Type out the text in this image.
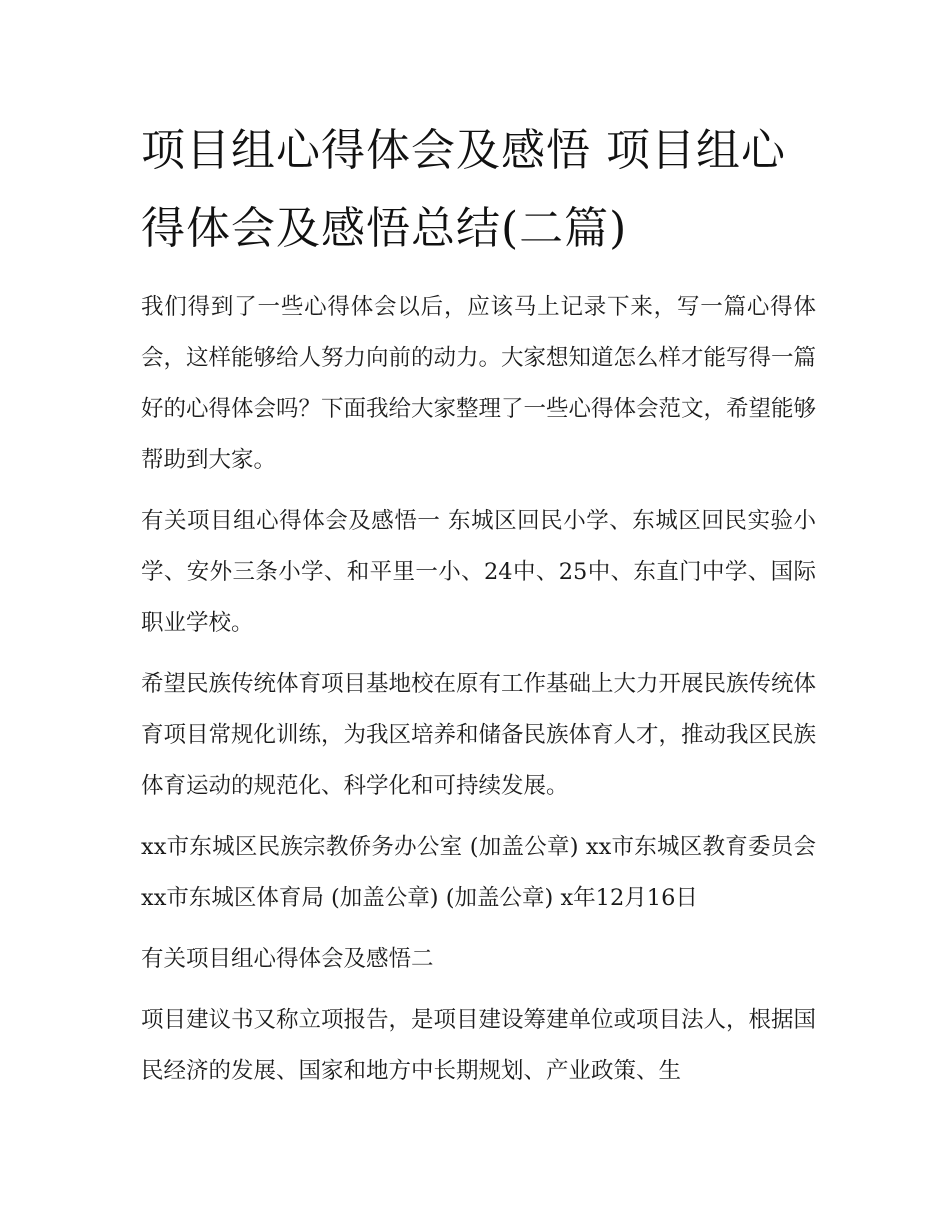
项目组心得体会及感悟 项目组心得体会及感悟总结(二篇)

我们得到了一些心得体会以后，应该马上记录下来，写一篇心得体会，这样能够给人努力向前的动力。大家想知道怎么样才能写得一篇好的心得体会吗？下面我给大家整理了一些心得体会范文，希望能够帮助到大家。

有关项目组心得体会及感悟一 东城区回民小学、东城区回民实验小学、安外三条小学、和平里一小、24中、25中、东直门中学、国际职业学校。

希望民族传统体育项目基地校在原有工作基础上大力开展民族传统体育项目常规化训练，为我区培养和储备民族体育人才，推动我区民族体育运动的规范化、科学化和可持续发展。

xx市东城区民族宗教侨务办公室 (加盖公章) xx市东城区教育委员会 xx市东城区体育局 (加盖公章) (加盖公章) x年12月16日

有关项目组心得体会及感悟二

项目建议书又称立项报告，是项目建设筹建单位或项目法人，根据国民经济的发展、国家和地方中长期规划、产业政策、生
